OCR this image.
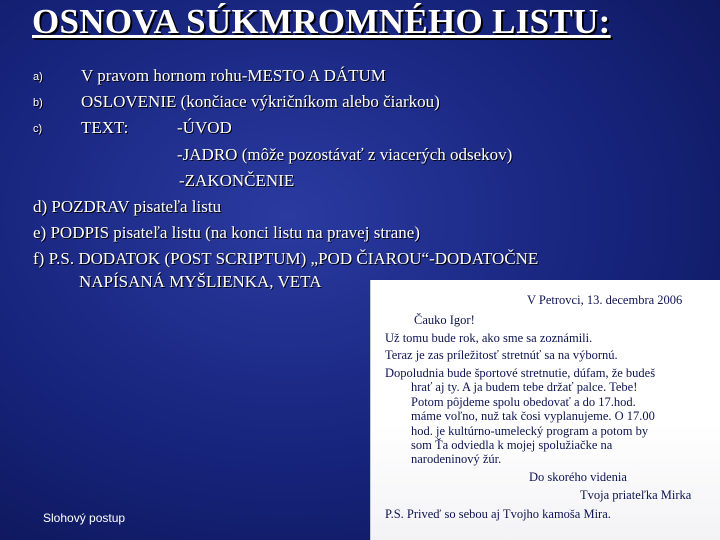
OSNOVA SÚKMROMNÉHO LISTU:
a) V pravom hornom rohu-MESTO A DÁTUM
b) OSLOVENIE (končiace výkričníkom alebo čiarkou)
c) TEXT:	-ÚVOD
-JADRO (môže pozostávať z viacerých odsekov)
-ZAKONČENIE
d) POZDRAV pisateľa listu
e) PODPIS pisateľa listu (na konci listu na pravej strane)
f) P.S. DODATOK (POST SCRIPTUM) „POD ČIAROU“-DODATOČNE
NAPÍSANÁ MYŠLIENKA, VETA
Slohový postup
V Petrovci, 13. decembra 2006
Čauko Igor!
Už tomu bude rok, ako sme sa zoznámili.
Teraz je zas príležitosť stretnúť sa na výbornú.
Dopoludnia bude športové stretnutie, dúfam, že budeš
hrať aj ty. A ja budem tebe držať palce. Tebe!
Potom pôjdeme spolu obedovať a do 17.hod.
máme voľno, nuž tak čosi vyplanujeme. O 17.00
hod. je kultúrno-umelecký program a potom by
som Ťa odviedla k mojej spolužiačke na
narodeninový žúr.
Do skorého videnia
Tvoja priateľka Mirka
P.S. Priveď so sebou aj Tvojho kamoša Mira.
